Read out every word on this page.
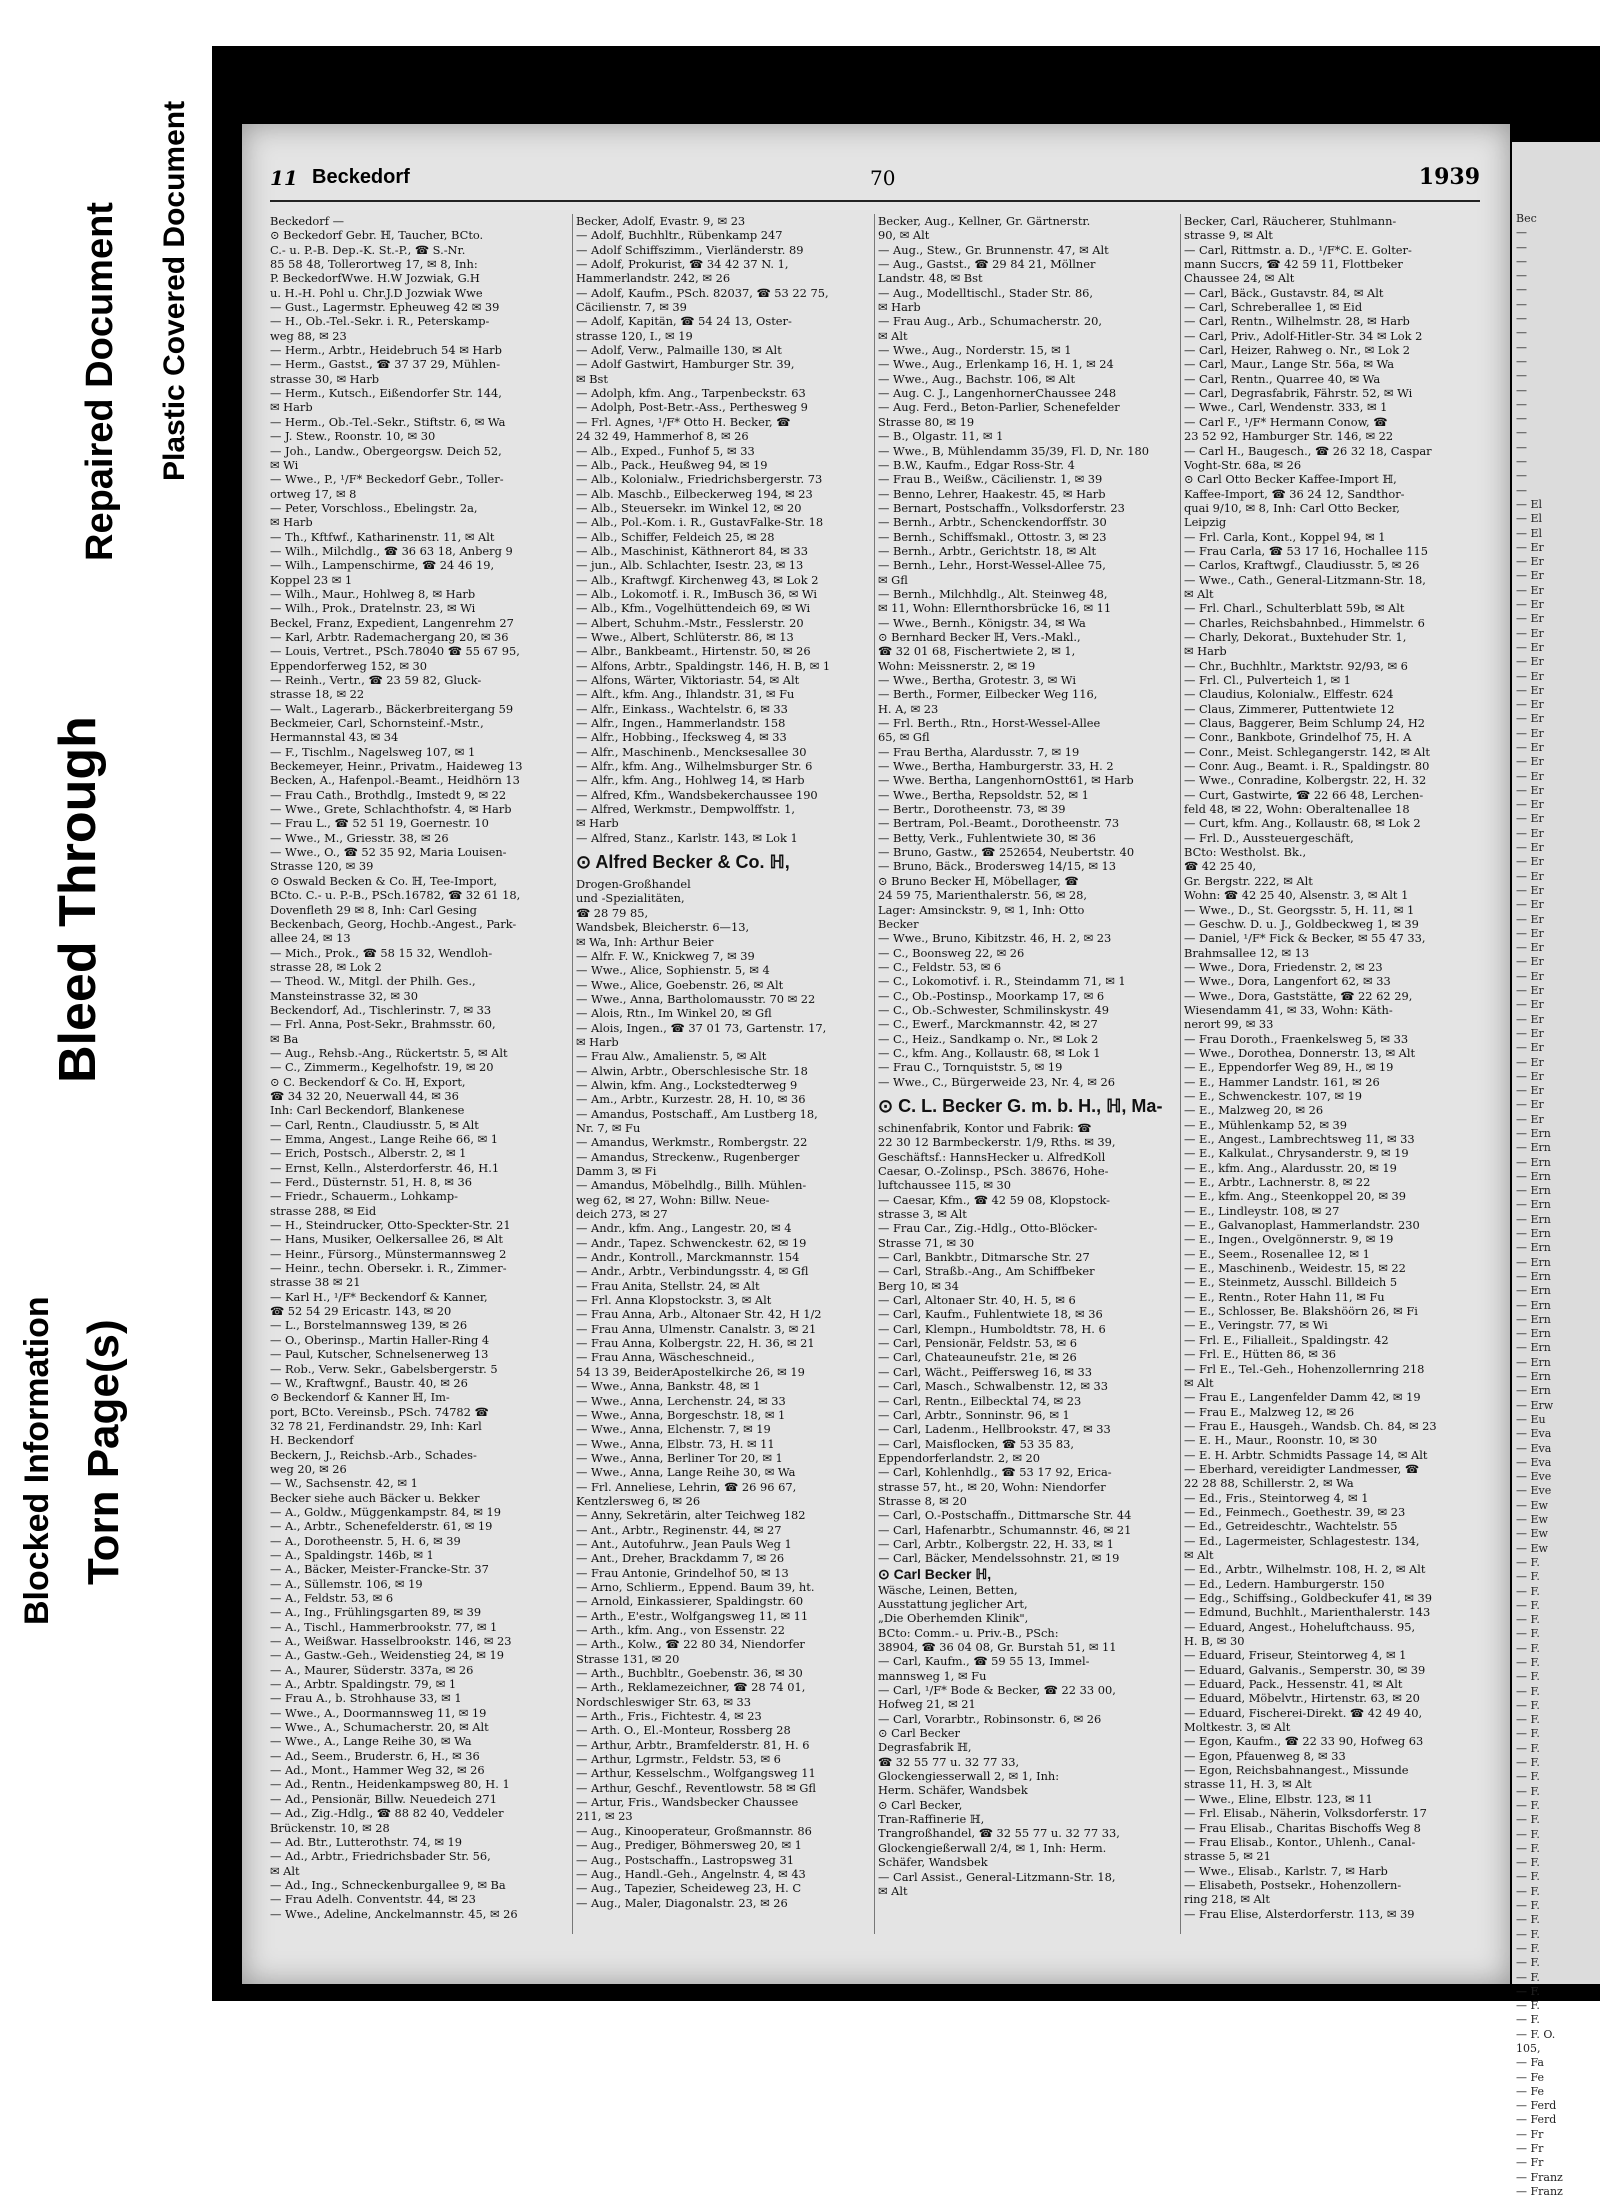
Blocked Information Torn Page(s)
Bleed Through
Repaired Document Plastic Covered Document	11 Beckedorf	70	1939
Beckedorf —
⊙ Beckedorf Gebr. ℍ, Taucher, BCto.
C.- u. P.-B. Dep.-K. St.-P., ☎ S.-Nr.
85 58 48, Tollerortweg 17, ✉ 8, Inh:
P. BeckedorfWwe. H.W Jozwiak, G.H
u. H.-H. Pohl u. Chr.J.D Jozwiak Wwe
— Gust., Lagermstr. Epheuweg 42 ✉ 39
— H., Ob.-Tel.-Sekr. i. R., Peterskamp-
weg 88, ✉ 23
— Herm., Arbtr., Heidebruch 54 ✉ Harb
— Herm., Gastst., ☎ 37 37 29, Mühlen-
strasse 30, ✉ Harb
— Herm., Kutsch., Eißendorfer Str. 144,
✉ Harb
— Herm., Ob.-Tel.-Sekr., Stiftstr. 6, ✉ Wa
— J. Stew., Roonstr. 10, ✉ 30
— Joh., Landw., Obergeorgsw. Deich 52,
✉ Wi
— Wwe., P., ¹/F* Beckedorf Gebr., Toller-
ortweg 17, ✉ 8
— Peter, Vorschloss., Ebelingstr. 2a,
✉ Harb
— Th., Kftfwf., Katharinenstr. 11, ✉ Alt
— Wilh., Milchdlg., ☎ 36 63 18, Anberg 9
— Wilh., Lampenschirme, ☎ 24 46 19,
Koppel 23 ✉ 1
— Wilh., Maur., Hohlweg 8, ✉ Harb
— Wilh., Prok., Dratelnstr. 23, ✉ Wi
Beckel, Franz, Expedient, Langenrehm 27
— Karl, Arbtr. Rademachergang 20, ✉ 36
— Louis, Vertret., PSch.78040 ☎ 55 67 95,
Eppendorferweg 152, ✉ 30
— Reinh., Vertr., ☎ 23 59 82, Gluck-
strasse 18, ✉ 22
— Walt., Lagerarb., Bäckerbreitergang 59
Beckmeier, Carl, Schornsteinf.-Mstr.,
Hermannstal 43, ✉ 34
— F., Tischlm., Nagelsweg 107, ✉ 1
Beckemeyer, Heinr., Privatm., Haideweg 13
Becken, A., Hafenpol.-Beamt., Heidhörn 13
— Frau Cath., Brothdlg., Imstedt 9, ✉ 22
— Wwe., Grete, Schlachthofstr. 4, ✉ Harb
— Frau L., ☎ 52 51 19, Goernestr. 10
— Wwe., M., Griesstr. 38, ✉ 26
— Wwe., O., ☎ 52 35 92, Maria Louisen-
Strasse 120, ✉ 39
⊙ Oswald Becken & Co. ℍ, Tee-Import,
BCto. C.- u. P.-B., PSch.16782, ☎ 32 61 18,
Dovenfleth 29 ✉ 8, Inh: Carl Gesing
Beckenbach, Georg, Hochb.-Angest., Park-
allee 24, ✉ 13
— Mich., Prok., ☎ 58 15 32, Wendloh-
strasse 28, ✉ Lok 2
— Theod. W., Mitgl. der Philh. Ges.,
Mansteinstrasse 32, ✉ 30
Beckendorf, Ad., Tischlerinstr. 7, ✉ 33
— Frl. Anna, Post-Sekr., Brahmsstr. 60,
✉ Ba
— Aug., Rehsb.-Ang., Rückertstr. 5, ✉ Alt
— C., Zimmerm., Kegelhofstr. 19, ✉ 20
⊙ C. Beckendorf & Co. ℍ, Export,
☎ 34 32 20, Neuerwall 44, ✉ 36
Inh: Carl Beckendorf, Blankenese
— Carl, Rentn., Claudiusstr. 5, ✉ Alt
— Emma, Angest., Lange Reihe 66, ✉ 1
— Erich, Postsch., Alberstr. 2, ✉ 1
— Ernst, Kelln., Alsterdorferstr. 46, H.1
— Ferd., Düsternstr. 51, H. 8, ✉ 36
— Friedr., Schauerm., Lohkamp-
strasse 288, ✉ Eid
— H., Steindrucker, Otto-Speckter-Str. 21
— Hans, Musiker, Oelkersallee 26, ✉ Alt
— Heinr., Fürsorg., Münstermannsweg 2
— Heinr., techn. Obersekr. i. R., Zimmer-
strasse 38 ✉ 21
— Karl H., ¹/F* Beckendorf & Kanner,
☎ 52 54 29 Ericastr. 143, ✉ 20
— L., Borstelmannsweg 139, ✉ 26
— O., Oberinsp., Martin Haller-Ring 4
— Paul, Kutscher, Schnelsenerweg 13
— Rob., Verw. Sekr., Gabelsbergerstr. 5
— W., Kraftwgnf., Baustr. 40, ✉ 26
⊙ Beckendorf & Kanner ℍ, Im-
port, BCto. Vereinsb., PSch. 74782 ☎
32 78 21, Ferdinandstr. 29, Inh: Karl
H. Beckendorf
Beckern, J., Reichsb.-Arb., Schades-
weg 20, ✉ 26
— W., Sachsenstr. 42, ✉ 1
Becker siehe auch Bäcker u. Bekker
— A., Goldw., Müggenkampstr. 84, ✉ 19
— A., Arbtr., Schenefelderstr. 61, ✉ 19
— A., Dorotheenstr. 5, H. 6, ✉ 39
— A., Spaldingstr. 146b, ✉ 1
— A., Bäcker, Meister-Francke-Str. 37
— A., Süllemstr. 106, ✉ 19
— A., Feldstr. 53, ✉ 6
— A., Ing., Frühlingsgarten 89, ✉ 39
— A., Tischl., Hammerbrookstr. 77, ✉ 1
— A., Weißwar. Hasselbrookstr. 146, ✉ 23
— A., Gastw.-Geh., Weidenstieg 24, ✉ 19
— A., Maurer, Süderstr. 337a, ✉ 26
— A., Arbtr. Spaldingstr. 79, ✉ 1
— Frau A., b. Strohhause 33, ✉ 1
— Wwe., A., Doormannsweg 11, ✉ 19
— Wwe., A., Schumacherstr. 20, ✉ Alt
— Wwe., A., Lange Reihe 30, ✉ Wa
— Ad., Seem., Bruderstr. 6, H., ✉ 36
— Ad., Mont., Hammer Weg 32, ✉ 26
— Ad., Rentn., Heidenkampsweg 80, H. 1
— Ad., Pensionär, Billw. Neuedeich 271
— Ad., Zig.-Hdlg., ☎ 88 82 40, Veddeler
Brückenstr. 10, ✉ 28
— Ad. Btr., Lutterothstr. 74, ✉ 19
— Ad., Arbtr., Friedrichsbader Str. 56,
✉ Alt
— Ad., Ing., Schneckenburgallee 9, ✉ Ba
— Frau Adelh. Conventstr. 44, ✉ 23
— Wwe., Adeline, Anckelmannstr. 45, ✉ 26
Becker, Adolf, Evastr. 9, ✉ 23
— Adolf, Buchhltr., Rübenkamp 247
— Adolf Schiffszimm., Vierländerstr. 89
— Adolf, Prokurist, ☎ 34 42 37 N. 1,
Hammerlandstr. 242, ✉ 26
— Adolf, Kaufm., PSch. 82037, ☎ 53 22 75,
Cäcilienstr. 7, ✉ 39
— Adolf, Kapitän, ☎ 54 24 13, Oster-
strasse 120, I., ✉ 19
— Adolf, Verw., Palmaille 130, ✉ Alt
— Adolf Gastwirt, Hamburger Str. 39,
✉ Bst
— Adolph, kfm. Ang., Tarpenbeckstr. 63
— Adolph, Post-Betr.-Ass., Perthesweg 9
— Frl. Agnes, ¹/F* Otto H. Becker, ☎
24 32 49, Hammerhof 8, ✉ 26
— Alb., Exped., Funhof 5, ✉ 33
— Alb., Pack., Heußweg 94, ✉ 19
— Alb., Kolonialw., Friedrichsbergerstr. 73
— Alb. Maschb., Eilbeckerweg 194, ✉ 23
— Alb., Steuersekr. im Winkel 12, ✉ 20
— Alb., Pol.-Kom. i. R., GustavFalke-Str. 18
— Alb., Schiffer, Feldeich 25, ✉ 28
— Alb., Maschinist, Käthnerort 84, ✉ 33
— jun., Alb. Schlachter, Isestr. 23, ✉ 13
— Alb., Kraftwgf. Kirchenweg 43, ✉ Lok 2
— Alb., Lokomotf. i. R., ImBusch 36, ✉ Wi
— Alb., Kfm., Vogelhüttendeich 69, ✉ Wi
— Albert, Schuhm.-Mstr., Fesslerstr. 20
— Wwe., Albert, Schlüterstr. 86, ✉ 13
— Albr., Bankbeamt., Hirtenstr. 50, ✉ 26
— Alfons, Arbtr., Spaldingstr. 146, H. B, ✉ 1
— Alfons, Wärter, Viktoriastr. 54, ✉ Alt
— Alft., kfm. Ang., Ihlandstr. 31, ✉ Fu
— Alfr., Einkass., Wachtelstr. 6, ✉ 33
— Alfr., Ingen., Hammerlandstr. 158
— Alfr., Hobbing., Ifecksweg 4, ✉ 33
— Alfr., Maschinenb., Mencksesallee 30
— Alfr., kfm. Ang., Wilhelmsburger Str. 6
— Alfr., kfm. Ang., Hohlweg 14, ✉ Harb
— Alfred, Kfm., Wandsbekerchaussee 190
— Alfred, Werkmstr., Dempwolffstr. 1,
✉ Harb
— Alfred, Stanz., Karlstr. 143, ✉ Lok 1
⊙ Alfred Becker & Co. ℍ,
Drogen-Großhandel
und -Spezialitäten,
☎ 28 79 85,
Wandsbek, Bleicherstr. 6—13,
✉ Wa, Inh: Arthur Beier
— Alfr. F. W., Knickweg 7, ✉ 39
— Wwe., Alice, Sophienstr. 5, ✉ 4
— Wwe., Alice, Goebenstr. 26, ✉ Alt
— Wwe., Anna, Bartholomausstr. 70 ✉ 22
— Alois, Rtn., Im Winkel 20, ✉ Gfl
— Alois, Ingen., ☎ 37 01 73, Gartenstr. 17,
✉ Harb
— Frau Alw., Amalienstr. 5, ✉ Alt
— Alwin, Arbtr., Oberschlesische Str. 18
— Alwin, kfm. Ang., Lockstedterweg 9
— Am., Arbtr., Kurzestr. 28, H. 10, ✉ 36
— Amandus, Postschaff., Am Lustberg 18,
Nr. 7, ✉ Fu
— Amandus, Werkmstr., Rombergstr. 22
— Amandus, Streckenw., Rugenberger
Damm 3, ✉ Fi
— Amandus, Möbelhdlg., Billh. Mühlen-
weg 62, ✉ 27, Wohn: Billw. Neue-
deich 273, ✉ 27
— Andr., kfm. Ang., Langestr. 20, ✉ 4
— Andr., Tapez. Schwenckestr. 62, ✉ 19
— Andr., Kontroll., Marckmannstr. 154
— Andr., Arbtr., Verbindungsstr. 4, ✉ Gfl
— Frau Anita, Stellstr. 24, ✉ Alt
— Frl. Anna Klopstockstr. 3, ✉ Alt
— Frau Anna, Arb., Altonaer Str. 42, H 1/2
— Frau Anna, Ulmenstr. Canalstr. 3, ✉ 21
— Frau Anna, Kolbergstr. 22, H. 36, ✉ 21
— Frau Anna, Wäscheschneid.,
54 13 39, BeiderApostelkirche 26, ✉ 19
— Wwe., Anna, Bankstr. 48, ✉ 1
— Wwe., Anna, Lerchenstr. 24, ✉ 33
— Wwe., Anna, Borgeschstr. 18, ✉ 1
— Wwe., Anna, Elchenstr. 7, ✉ 19
— Wwe., Anna, Elbstr. 73, H. ✉ 11
— Wwe., Anna, Berliner Tor 20, ✉ 1
— Wwe., Anna, Lange Reihe 30, ✉ Wa
— Frl. Anneliese, Lehrin, ☎ 26 96 67,
Kentzlersweg 6, ✉ 26
— Anny, Sekretärin, alter Teichweg 182
— Ant., Arbtr., Reginenstr. 44, ✉ 27
— Ant., Autofuhrw., Jean Pauls Weg 1
— Ant., Dreher, Brackdamm 7, ✉ 26
— Frau Antonie, Grindelhof 50, ✉ 13
— Arno, Schlierm., Eppend. Baum 39, ht.
— Arnold, Einkassierer, Spaldingstr. 60
— Arth., E'estr., Wolfgangsweg 11, ✉ 11
— Arth., kfm. Ang., von Essenstr. 22
— Arth., Kolw., ☎ 22 80 34, Niendorfer
Strasse 131, ✉ 20
— Arth., Buchbltr., Goebenstr. 36, ✉ 30
— Arth., Reklamezeichner, ☎ 28 74 01,
Nordschleswiger Str. 63, ✉ 33
— Arth., Fris., Fichtestr. 4, ✉ 23
— Arth. O., El.-Monteur, Rossberg 28
— Arthur, Arbtr., Bramfelderstr. 81, H. 6
— Arthur, Lgrmstr., Feldstr. 53, ✉ 6
— Arthur, Kesselschm., Wolfgangsweg 11
— Arthur, Geschf., Reventlowstr. 58 ✉ Gfl
— Artur, Fris., Wandsbecker Chaussee
211, ✉ 23
— Aug., Kinooperateur, Großmannstr. 86
— Aug., Prediger, Böhmersweg 20, ✉ 1
— Aug., Postschaffn., Lastropsweg 31
— Aug., Handl.-Geh., Angelnstr. 4, ✉ 43
— Aug., Tapezier, Scheideweg 23, H. C
— Aug., Maler, Diagonalstr. 23, ✉ 26
Becker, Aug., Kellner, Gr. Gärtnerstr.
90, ✉ Alt
— Aug., Stew., Gr. Brunnenstr. 47, ✉ Alt
— Aug., Gastst., ☎ 29 84 21, Möllner
Landstr. 48, ✉ Bst
— Aug., Modelltischl., Stader Str. 86,
✉ Harb
— Frau Aug., Arb., Schumacherstr. 20,
✉ Alt
— Wwe., Aug., Norderstr. 15, ✉ 1
— Wwe., Aug., Erlenkamp 16, H. 1, ✉ 24
— Wwe., Aug., Bachstr. 106, ✉ Alt
— Aug. C. J., LangenhornerChaussee 248
— Aug. Ferd., Beton-Parlier, Schenefelder
Strasse 80, ✉ 19
— B., Olgastr. 11, ✉ 1
— Wwe., B, Mühlendamm 35/39, Fl. D, Nr. 180
— B.W., Kaufm., Edgar Ross-Str. 4
— Frau B., Weißw., Cäcilienstr. 1, ✉ 39
— Benno, Lehrer, Haakestr. 45, ✉ Harb
— Bernart, Postschaffn., Volksdorferstr. 23
— Bernh., Arbtr., Schenckendorffstr. 30
— Bernh., Schiffsmakl., Ottostr. 3, ✉ 23
— Bernh., Arbtr., Gerichtstr. 18, ✉ Alt
— Bernh., Lehr., Horst-Wessel-Allee 75,
✉ Gfl
— Bernh., Milchhdlg., Alt. Steinweg 48,
✉ 11, Wohn: Ellernthorsbrücke 16, ✉ 11
— Wwe., Bernh., Königstr. 34, ✉ Wa
⊙ Bernhard Becker ℍ, Vers.-Makl.,
☎ 32 01 68, Fischertwiete 2, ✉ 1,
Wohn: Meissnerstr. 2, ✉ 19
— Wwe., Bertha, Grotestr. 3, ✉ Wi
— Berth., Former, Eilbecker Weg 116,
H. A, ✉ 23
— Frl. Berth., Rtn., Horst-Wessel-Allee
65, ✉ Gfl
— Frau Bertha, Alardusstr. 7, ✉ 19
— Wwe., Bertha, Hamburgerstr. 33, H. 2
— Wwe. Bertha, LangenhornOstt61, ✉ Harb
— Wwe., Bertha, Repsoldstr. 52, ✉ 1
— Bertr., Dorotheenstr. 73, ✉ 39
— Bertram, Pol.-Beamt., Dorotheenstr. 73
— Betty, Verk., Fuhlentwiete 30, ✉ 36
— Bruno, Gastw., ☎ 252654, Neubertstr. 40
— Bruno, Bäck., Brodersweg 14/15, ✉ 13
⊙ Bruno Becker ℍ, Möbellager, ☎
24 59 75, Marienthalerstr. 56, ✉ 28,
Lager: Amsinckstr. 9, ✉ 1, Inh: Otto
Becker
— Wwe., Bruno, Kibitzstr. 46, H. 2, ✉ 23
— C., Boonsweg 22, ✉ 26
— C., Feldstr. 53, ✉ 6
— C., Lokomotivf. i. R., Steindamm 71, ✉ 1
— C., Ob.-Postinsp., Moorkamp 17, ✉ 6
— C., Ob.-Schwester, Schmilinskystr. 49
— C., Ewerf., Marckmannstr. 42, ✉ 27
— C., Heiz., Sandkamp o. Nr., ✉ Lok 2
— C., kfm. Ang., Kollaustr. 68, ✉ Lok 1
— Frau C., Tornquiststr. 5, ✉ 19
— Wwe., C., Bürgerweide 23, Nr. 4, ✉ 26
⊙ C. L. Becker G. m. b. H., ℍ, Ma-
schinenfabrik, Kontor und Fabrik: ☎
22 30 12 Barmbeckerstr. 1/9, Rths. ✉ 39,
Geschäftsf.: HannsHecker u. AlfredKoll
Caesar, O.-Zolinsp., PSch. 38676, Hohe-
luftchaussee 115, ✉ 30
— Caesar, Kfm., ☎ 42 59 08, Klopstock-
strasse 3, ✉ Alt
— Frau Car., Zig.-Hdlg., Otto-Blöcker-
Strasse 71, ✉ 30
— Carl, Bankbtr., Ditmarsche Str. 27
— Carl, Straßb.-Ang., Am Schiffbeker
Berg 10, ✉ 34
— Carl, Altonaer Str. 40, H. 5, ✉ 6
— Carl, Kaufm., Fuhlentwiete 18, ✉ 36
— Carl, Klempn., Humboldtstr. 78, H. 6
— Carl, Pensionär, Feldstr. 53, ✉ 6
— Carl, Chateauneufstr. 21e, ✉ 26
— Carl, Wächt., Peiffersweg 16, ✉ 33
— Carl, Masch., Schwalbenstr. 12, ✉ 33
— Carl, Rentn., Eilbecktal 74, ✉ 23
— Carl, Arbtr., Sonninstr. 96, ✉ 1
— Carl, Ladenm., Hellbrookstr. 47, ✉ 33
— Carl, Maisflocken, ☎ 53 35 83,
Eppendorferlandstr. 2, ✉ 20
— Carl, Kohlenhdlg., ☎ 53 17 92, Erica-
strasse 57, ht., ✉ 20, Wohn: Niendorfer
Strasse 8, ✉ 20
— Carl, O.-Postschaffn., Dittmarsche Str. 44
— Carl, Hafenarbtr., Schumannstr. 46, ✉ 21
— Carl, Arbtr., Kolbergstr. 22, H. 33, ✉ 1
— Carl, Bäcker, Mendelssohnstr. 21, ✉ 19
⊙ Carl Becker ℍ,
Wäsche, Leinen, Betten,
Ausstattung jeglicher Art,
„Die Oberhemden Klinik",
BCto: Comm.- u. Priv.-B., PSch:
38904, ☎ 36 04 08, Gr. Burstah 51, ✉ 11
— Carl, Kaufm., ☎ 59 55 13, Immel-
mannsweg 1, ✉ Fu
— Carl, ¹/F* Bode & Becker, ☎ 22 33 00,
Hofweg 21, ✉ 21
— Carl, Vorarbtr., Robinsonstr. 6, ✉ 26
⊙ Carl Becker
Degrasfabrik ℍ,
☎ 32 55 77 u. 32 77 33,
Glockengiesserwall 2, ✉ 1, Inh:
Herm. Schäfer, Wandsbek
⊙ Carl Becker,
Tran-Raffinerie ℍ,
Trangroßhandel, ☎ 32 55 77 u. 32 77 33,
Glockengießerwall 2/4, ✉ 1, Inh: Herm.
Schäfer, Wandsbek
— Carl Assist., General-Litzmann-Str. 18,
✉ Alt
Becker, Carl, Räucherer, Stuhlmann-
strasse 9, ✉ Alt
— Carl, Rittmstr. a. D., ¹/F*C. E. Golter-
mann Succrs, ☎ 42 59 11, Flottbeker
Chaussee 24, ✉ Alt
— Carl, Bäck., Gustavstr. 84, ✉ Alt
— Carl, Schreberallee 1, ✉ Eid
— Carl, Rentn., Wilhelmstr. 28, ✉ Harb
— Carl, Priv., Adolf-Hitler-Str. 34 ✉ Lok 2
— Carl, Heizer, Rahweg o. Nr., ✉ Lok 2
— Carl, Maur., Lange Str. 56a, ✉ Wa
— Carl, Rentn., Quarree 40, ✉ Wa
— Carl, Degrasfabrik, Fährstr. 52, ✉ Wi
— Wwe., Carl, Wendenstr. 333, ✉ 1
— Carl F., ¹/F* Hermann Conow, ☎
23 52 92, Hamburger Str. 146, ✉ 22
— Carl H., Baugesch., ☎ 26 32 18, Caspar
Voght-Str. 68a, ✉ 26
⊙ Carl Otto Becker Kaffee-Import ℍ,
Kaffee-Import, ☎ 36 24 12, Sandthor-
quai 9/10, ✉ 8, Inh: Carl Otto Becker,
Leipzig
— Frl. Carla, Kont., Koppel 94, ✉ 1
— Frau Carla, ☎ 53 17 16, Hochallee 115
— Carlos, Kraftwgf., Claudiusstr. 5, ✉ 26
— Wwe., Cath., General-Litzmann-Str. 18,
✉ Alt
— Frl. Charl., Schulterblatt 59b, ✉ Alt
— Charles, Reichsbahnbed., Himmelstr. 6
— Charly, Dekorat., Buxtehuder Str. 1,
✉ Harb
— Chr., Buchhltr., Marktstr. 92/93, ✉ 6
— Frl. Cl., Pulverteich 1, ✉ 1
— Claudius, Kolonialw., Elffestr. 624
— Claus, Zimmerer, Puttentwiete 12
— Claus, Baggerer, Beim Schlump 24, H2
— Conr., Bankbote, Grindelhof 75, H. A
— Conr., Meist. Schlegangerstr. 142, ✉ Alt
— Conr. Aug., Beamt. i. R., Spaldingstr. 80
— Wwe., Conradine, Kolbergstr. 22, H. 32
— Curt, Gastwirte, ☎ 22 66 48, Lerchen-
feld 48, ✉ 22, Wohn: Oberaltenallee 18
— Curt, kfm. Ang., Kollaustr. 68, ✉ Lok 2
— Frl. D., Aussteuergeschäft,
BCto: Westholst. Bk.,
☎ 42 25 40,
Gr. Bergstr. 222, ✉ Alt
Wohn: ☎ 42 25 40, Alsenstr. 3, ✉ Alt 1
— Wwe., D., St. Georgsstr. 5, H. 11, ✉ 1
— Geschw. D. u. J., Goldbeckweg 1, ✉ 39
— Daniel, ¹/F* Fick & Becker, ✉ 55 47 33,
Brahmsallee 12, ✉ 13
— Wwe., Dora, Friedenstr. 2, ✉ 23
— Wwe., Dora, Langenfort 62, ✉ 33
— Wwe., Dora, Gaststätte, ☎ 22 62 29,
Wiesendamm 41, ✉ 33, Wohn: Käth-
nerort 99, ✉ 33
— Frau Doroth., Fraenkelsweg 5, ✉ 33
— Wwe., Dorothea, Donnerstr. 13, ✉ Alt
— E., Eppendorfer Weg 89, H., ✉ 19
— E., Hammer Landstr. 161, ✉ 26
— E., Schwenckestr. 107, ✉ 19
— E., Malzweg 20, ✉ 26
— E., Mühlenkamp 52, ✉ 39
— E., Angest., Lambrechtsweg 11, ✉ 33
— E., Kalkulat., Chrysanderstr. 9, ✉ 19
— E., kfm. Ang., Alardusstr. 20, ✉ 19
— E., Arbtr., Lachnerstr. 8, ✉ 22
— E., kfm. Ang., Steenkoppel 20, ✉ 39
— E., Lindleystr. 108, ✉ 27
— E., Galvanoplast, Hammerlandstr. 230
— E., Ingen., Ovelgönnerstr. 9, ✉ 19
— E., Seem., Rosenallee 12, ✉ 1
— E., Maschinenb., Weidestr. 15, ✉ 22
— E., Steinmetz, Ausschl. Billdeich 5
— E., Rentn., Roter Hahn 11, ✉ Fu
— E., Schlosser, Be. Blakshöörn 26, ✉ Fi
— E., Veringstr. 77, ✉ Wi
— Frl. E., Filialleit., Spaldingstr. 42
— Frl. E., Hütten 86, ✉ 36
— Frl E., Tel.-Geh., Hohenzollernring 218
✉ Alt
— Frau E., Langenfelder Damm 42, ✉ 19
— Frau E., Malzweg 12, ✉ 26
— Frau E., Hausgeh., Wandsb. Ch. 84, ✉ 23
— E. H., Maur., Roonstr. 10, ✉ 30
— E. H. Arbtr. Schmidts Passage 14, ✉ Alt
— Eberhard, vereidigter Landmesser, ☎
22 28 88, Schillerstr. 2, ✉ Wa
— Ed., Fris., Steintorweg 4, ✉ 1
— Ed., Feinmech., Goethestr. 39, ✉ 23
— Ed., Getreideschtr., Wachtelstr. 55
— Ed., Lagermeister, Schlagestestr. 134,
✉ Alt
— Ed., Arbtr., Wilhelmstr. 108, H. 2, ✉ Alt
— Ed., Ledern. Hamburgerstr. 150
— Edg., Schiffsing., Goldbeckufer 41, ✉ 39
— Edmund, Buchhlt., Marienthalerstr. 143
— Eduard, Angest., Hoheluftchauss. 95,
H. B, ✉ 30
— Eduard, Friseur, Steintorweg 4, ✉ 1
— Eduard, Galvanis., Semperstr. 30, ✉ 39
— Eduard, Pack., Hessenstr. 41, ✉ Alt
— Eduard, Möbelvtr., Hirtenstr. 63, ✉ 20
— Eduard, Fischerei-Direkt. ☎ 42 49 40,
Moltkestr. 3, ✉ Alt
— Egon, Kaufm., ☎ 22 33 90, Hofweg 63
— Egon, Pfauenweg 8, ✉ 33
— Egon, Reichsbahnangest., Missunde
strasse 11, H. 3, ✉ Alt
— Wwe., Eline, Elbstr. 123, ✉ 11
— Frl. Elisab., Näherin, Volksdorferstr. 17
— Frau Elisab., Charitas Bischoffs Weg 8
— Frau Elisab., Kontor., Uhlenh., Canal-
strasse 5, ✉ 21
— Wwe., Elisab., Karlstr. 7, ✉ Harb
— Elisabeth, Postsekr., Hohenzollern-
ring 218, ✉ Alt
— Frau Elise, Alsterdorferstr. 113, ✉ 39
Bec
—
—
—
—
—
—
—
—
—
—
—
—
—
—
—
—
—
—
—
— El
— El
— El
— Er
— Er
— Er
— Er
— Er
— Er
— Er
— Er
— Er
— Er
— Er
— Er
— Er
— Er
— Er
— Er
— Er
— Er
— Er
— Er
— Er
— Er
— Er
— Er
— Er
— Er
— Er
— Er
— Er
— Er
— Er
— Er
— Er
— Er
— Er
— Er
— Er
— Er
— Er
— Er
— Er
— Ern
— Ern
— Ern
— Ern
— Ern
— Ern
— Ern
— Ern
— Ern
— Ern
— Ern
— Ern
— Ern
— Ern
— Ern
— Ern
— Ern
— Ern
— Ern
— Erw
— Eu
— Eva
— Eva
— Eva
— Eve
— Eve
— Ew
— Ew
— Ew
— Ew
— F.
— F.
— F.
— F.
— F.
— F.
— F.
— F.
— F.
— F.
— F.
— F.
— F.
— F.
— F.
— F.
— F.
— F.
— F.
— F.
— F.
— F.
— F.
— F.
— F.
— F.
— F.
— F.
— F.
— F.
— F.
— F.
— F.
— F. O.
105,
— Fa
— Fe
— Fe
— Ferd
— Ferd
— Fr
— Fr
— Fr
— Franz
— Franz
